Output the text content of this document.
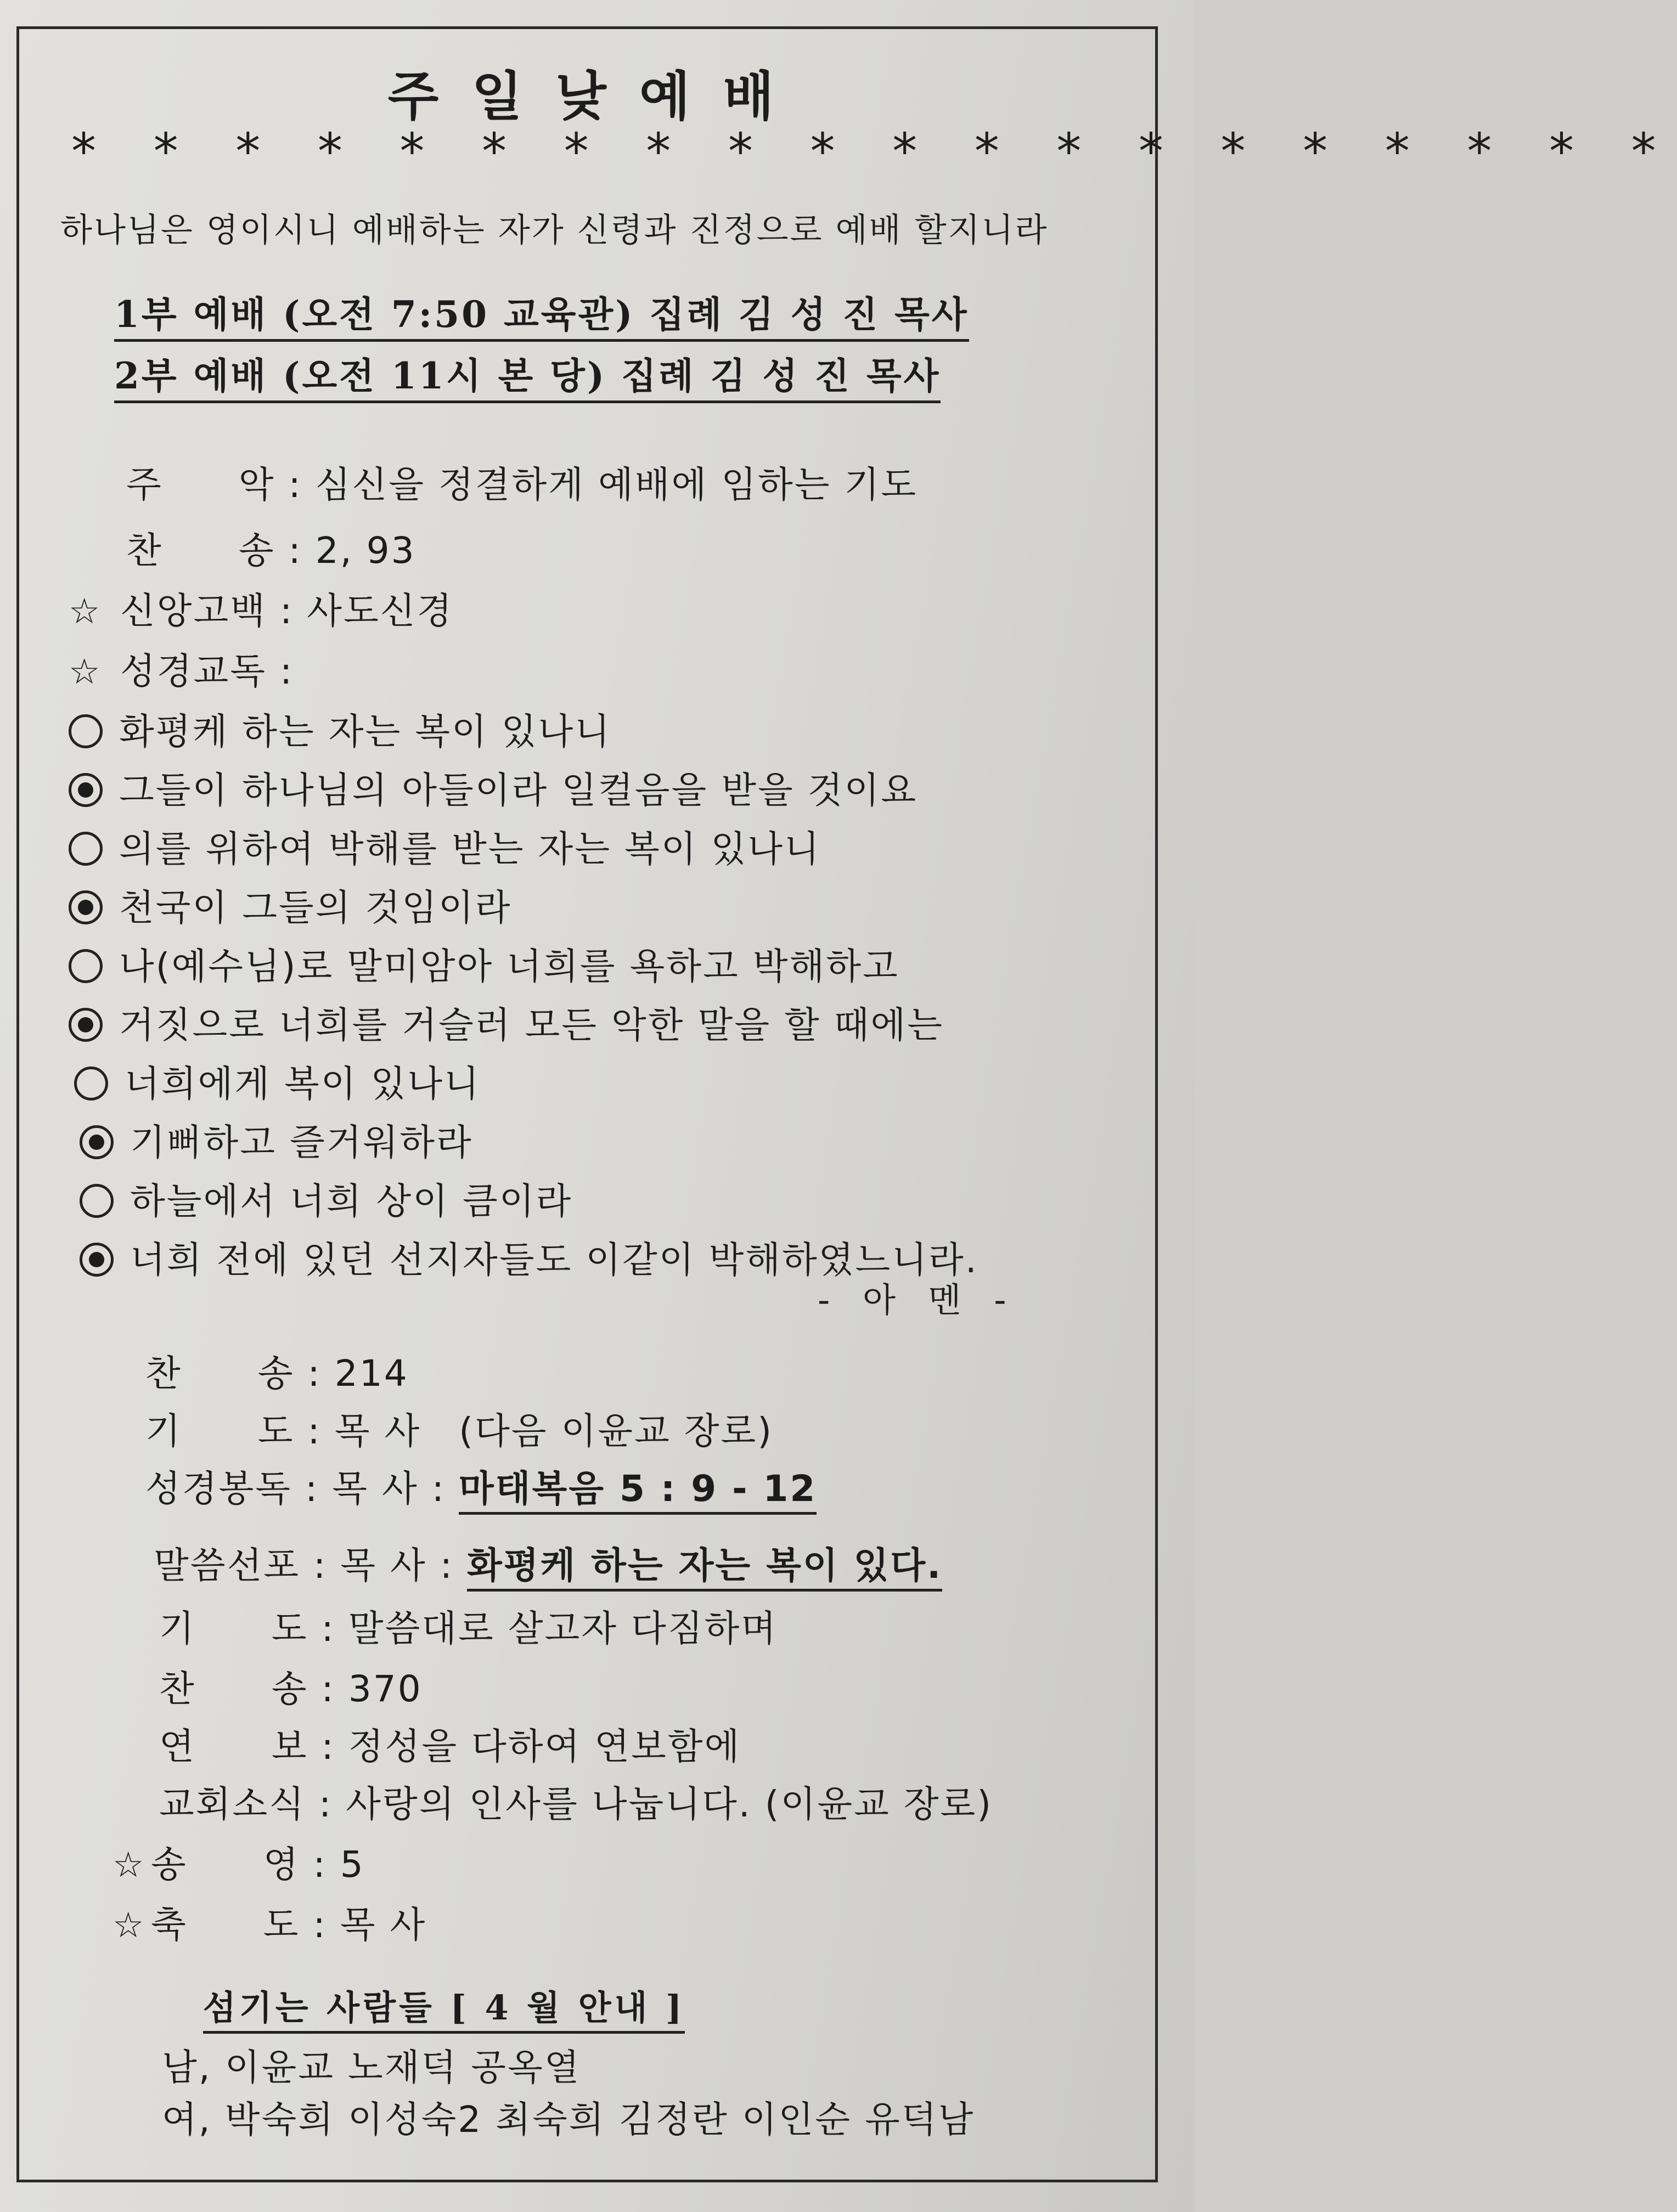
주일낮예배
* * * * * * * * * * * * * * * * * * * *
하나님은 영이시니 예배하는 자가 신령과 진정으로 예배 할지니라
1부 예배 (오전 7:50 교육관) 집례 김 성 진 목사
2부 예배 (오전 11시 본 당) 집례 김 성 진 목사
주　　악 : 심신을 정결하게 예배에 임하는 기도
찬　　송 : 2, 93
☆ 신앙고백 : 사도신경
☆ 성경교독 :
화평케 하는 자는 복이 있나니
그들이 하나님의 아들이라 일컬음을 받을 것이요
의를 위하여 박해를 받는 자는 복이 있나니
천국이 그들의 것임이라
나(예수님)로 말미암아 너희를 욕하고 박해하고
거짓으로 너희를 거슬러 모든 악한 말을 할 때에는
너희에게 복이 있나니
기뻐하고 즐거워하라
하늘에서 너희 상이 큼이라
너희 전에 있던 선지자들도 이같이 박해하였느니라.
- 아 멘 -
찬　　송 : 214
기　　도 : 목 사　 (다음 이윤교 장로)
성경봉독 : 목 사 : 마태복음 5 : 9 - 12
말씀선포 : 목 사 : 화평케 하는 자는 복이 있다.
기　　도 : 말씀대로 살고자 다짐하며
찬　　송 : 370
연　　보 : 정성을 다하여 연보함에
교회소식 : 사랑의 인사를 나눕니다. (이윤교 장로)
☆ 송　　영 : 5
☆ 축　　도 : 목 사
섬기는 사람들 [ 4 월 안내 ]
남, 이윤교 노재덕 공옥열
여, 박숙희 이성숙2 최숙희 김정란 이인순 유덕남
